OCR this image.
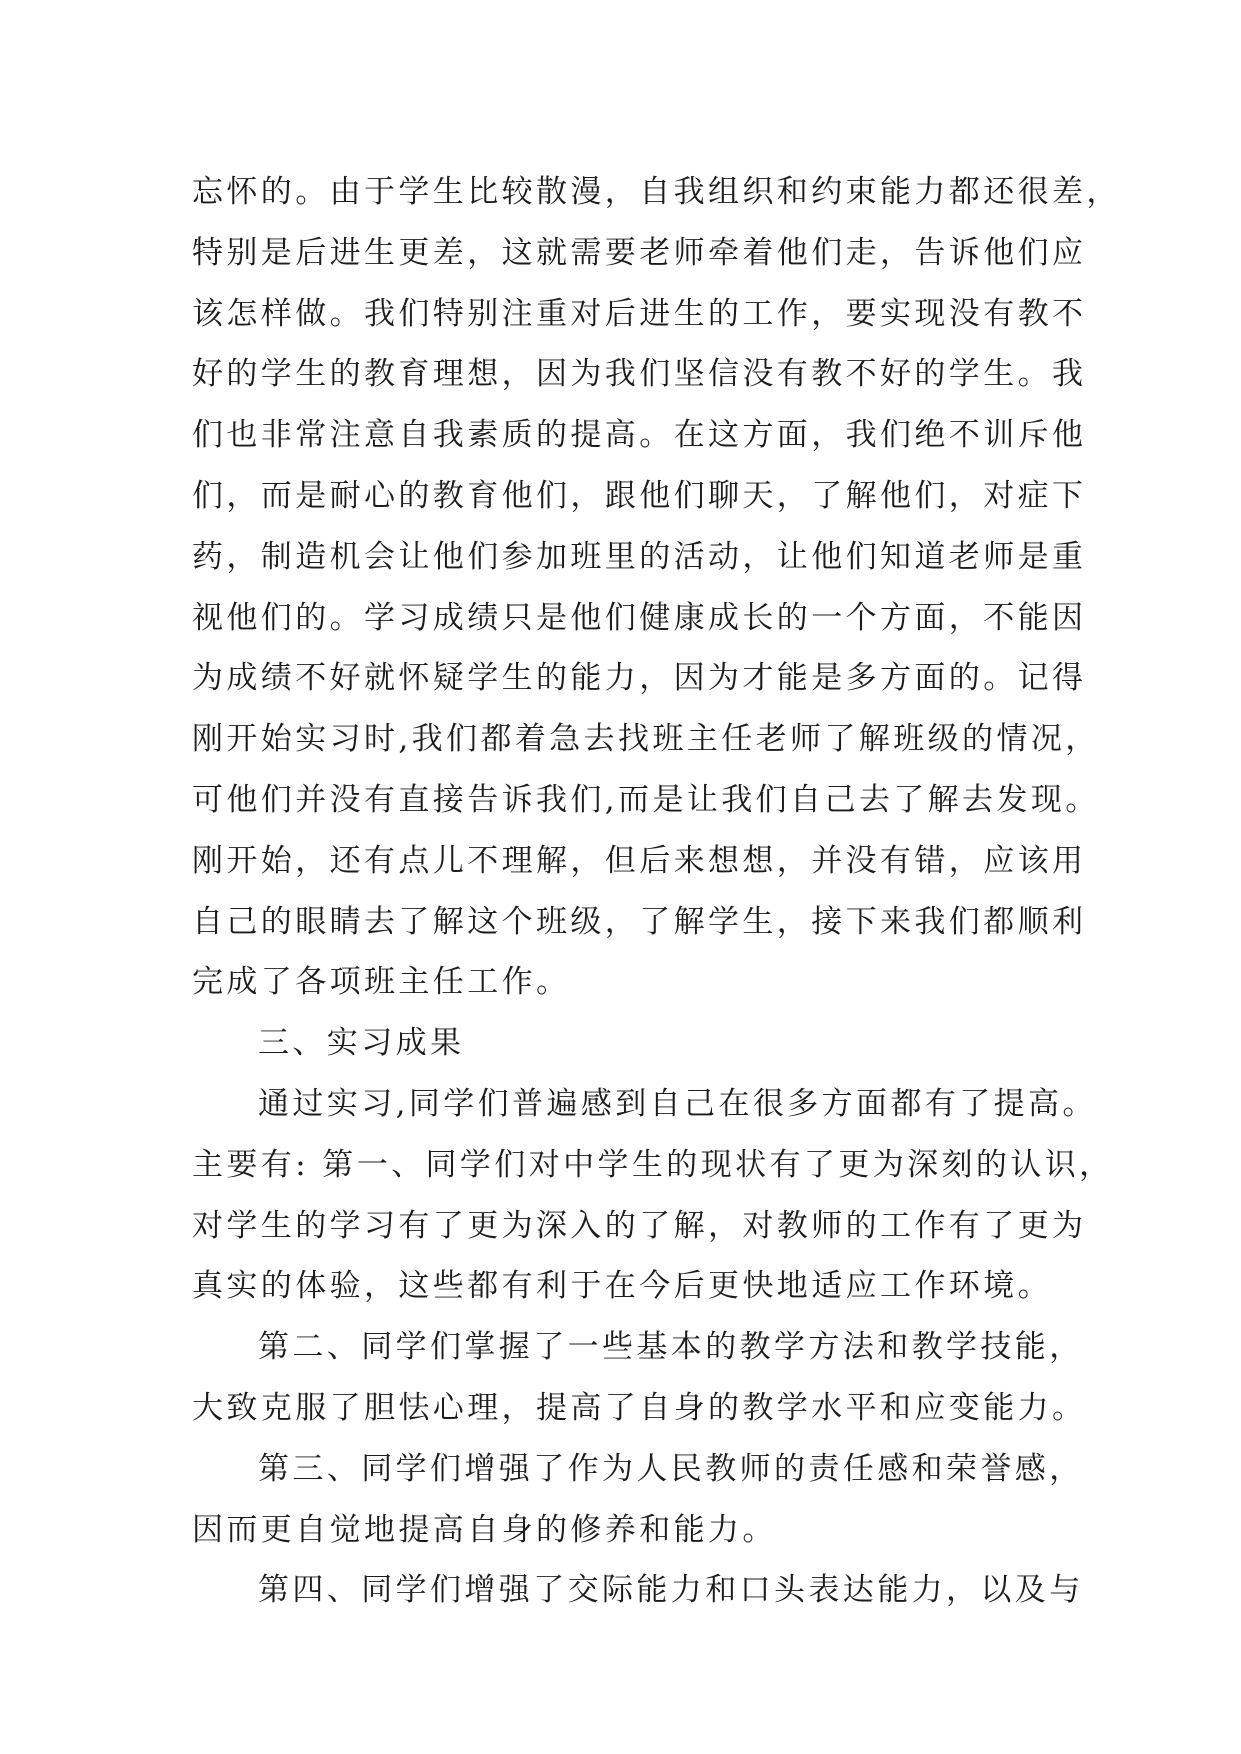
忘怀的。由于学生比较散漫，自我组织和约束能力都还很差，
特别是后进生更差，这就需要老师牵着他们走，告诉他们应
该怎样做。我们特别注重对后进生的工作，要实现没有教不
好的学生的教育理想，因为我们坚信没有教不好的学生。我
们也非常注意自我素质的提高。在这方面，我们绝不训斥他
们，而是耐心的教育他们，跟他们聊天，了解他们，对症下
药，制造机会让他们参加班里的活动，让他们知道老师是重
视他们的。学习成绩只是他们健康成长的一个方面，不能因
为成绩不好就怀疑学生的能力，因为才能是多方面的。记得
刚开始实习时,我们都着急去找班主任老师了解班级的情况，
可他们并没有直接告诉我们,而是让我们自己去了解去发现。
刚开始，还有点儿不理解，但后来想想，并没有错，应该用
自己的眼睛去了解这个班级，了解学生，接下来我们都顺利
完成了各项班主任工作。
三、实习成果
通过实习,同学们普遍感到自己在很多方面都有了提高。
主要有: 第一、同学们对中学生的现状有了更为深刻的认识，
对学生的学习有了更为深入的了解，对教师的工作有了更为
真实的体验，这些都有利于在今后更快地适应工作环境。
第二、同学们掌握了一些基本的教学方法和教学技能，
大致克服了胆怯心理，提高了自身的教学水平和应变能力。
第三、同学们增强了作为人民教师的责任感和荣誉感，
因而更自觉地提高自身的修养和能力。
第四、同学们增强了交际能力和口头表达能力，以及与
